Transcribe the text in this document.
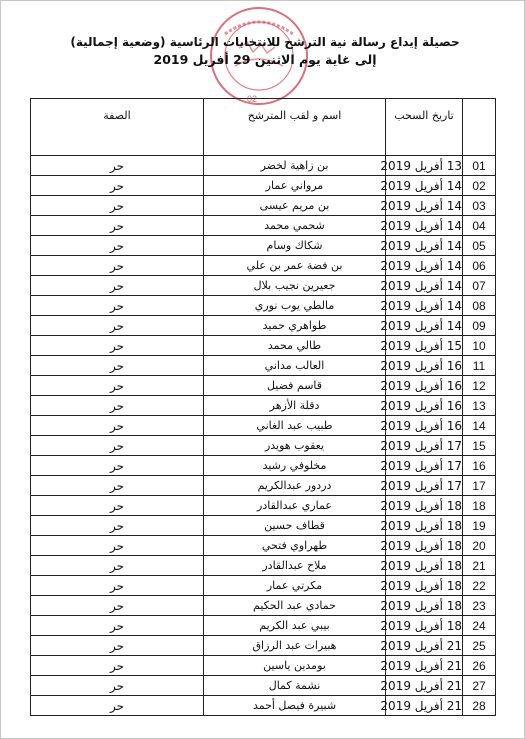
02
حصيلة إيداع رسالة نية الترشح للانتخابات الرئاسية (وضعية إجمالية)
إلى غاية يوم الاثنين 29 أفريل 2019
الصفة	اسم و لقب المترشح	تاريخ السحب	
حر	بن زاهية لخضر	13 أفريل 2019	01
حر	مرواني عمار	14 أفريل 2019	02
حر	بن مريم عيسى	14 أفريل 2019	03
حر	شحمي محمد	14 أفريل 2019	04
حر	شكاك وسام	14 أفريل 2019	05
حر	بن فضة عمر بن علي	14 أفريل 2019	06
حر	جعيرين نجيب بلال	14 أفريل 2019	07
حر	مالطي يوب نوري	14 أفريل 2019	08
حر	طواهري حميد	14 أفريل 2019	09
حر	طالي محمد	15 أفريل 2019	10
حر	العالب مداني	16 أفريل 2019	11
حر	قاسم فضيل	16 أفريل 2019	12
حر	دقلة الأزهر	16 أفريل 2019	13
حر	طبيب عبد الغاني	16 أفريل 2019	14
حر	يعقوب هويدر	17 أفريل 2019	15
حر	مخلوفي رشيد	17 أفريل 2019	16
حر	دردور عبدالكريم	17 أفريل 2019	17
حر	عماري عبدالقادر	18 أفريل 2019	18
حر	قطاف حسين	18 أفريل 2019	19
حر	طهراوي فتحي	18 أفريل 2019	20
حر	ملاح عبدالقادر	18 أفريل 2019	21
حر	مكرتي عمار	18 أفريل 2019	22
حر	حمادي عبد الحكيم	18 أفريل 2019	23
حر	بيبي عبد الكريم	18 أفريل 2019	24
حر	هبيرات عبد الرزاق	21 أفريل 2019	25
حر	بومدين ياسين	21 أفريل 2019	26
حر	نشمة كمال	21 أفريل 2019	27
حر	شبيرة فيصل أحمد	21 أفريل 2019	28
